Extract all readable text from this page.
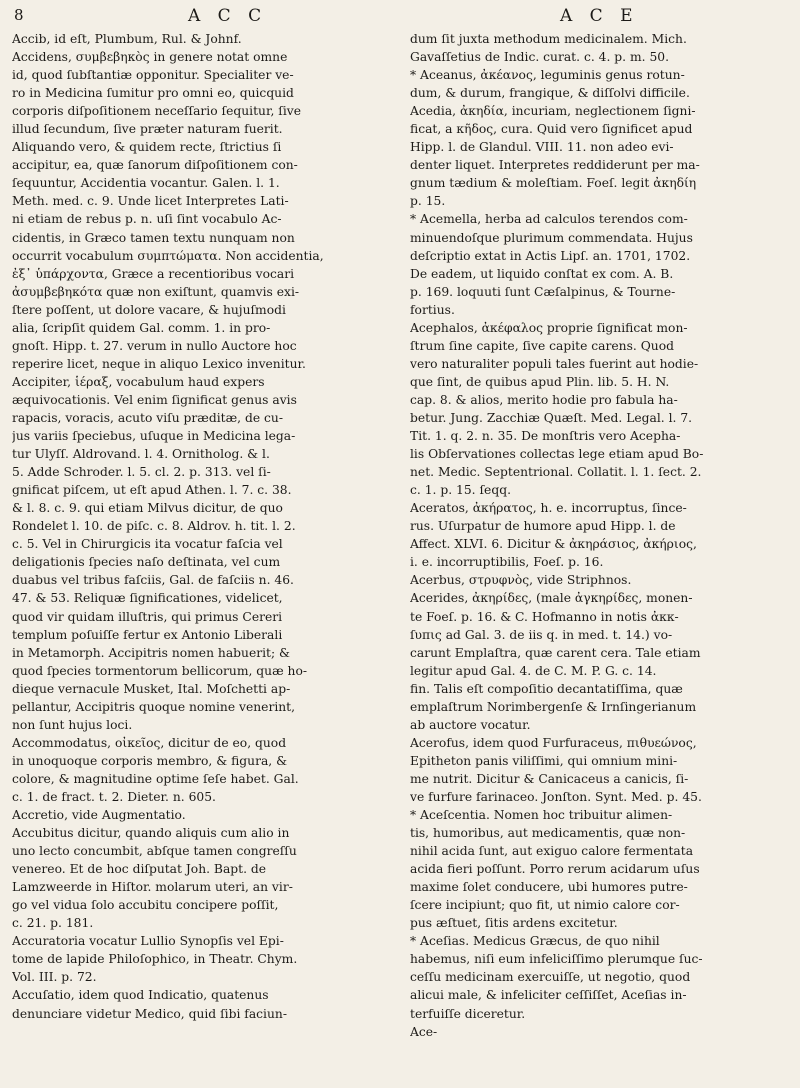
8	A C C	A C E
Accib, id eſt, Plumbum, Rul. & Johnf.
Accidens, συμβεβηκὸς in genere notat omne
id, quod ſubſtantiæ opponitur. Specialiter ve-
ro in Medicina ſumitur pro omni eo, quicquid
corporis diſpoſitionem neceſſario ſequitur, ſive
illud ſecundum, ſive præter naturam fuerit.
Aliquando vero, & quidem recte, ſtrictius ſi
accipitur, ea, quæ ſanorum diſpoſitionem con-
ſequuntur, Accidentia vocantur. Galen. l. 1.
Meth. med. c. 9. Unde licet Interpretes Lati-
ni etiam de rebus p. n. uſi ſint vocabulo Ac-
cidentis, in Græco tamen textu nunquam non
occurrit vocabulum συμπτώματα. Non accidentia,
ἐξ᾽ ὑπάρχοντα, Græce a recentioribus vocari
ἀσυμβεβηκότα quæ non exiſtunt, quamvis exi-
ſtere poſſent, ut dolore vacare, & hujuſmodi
alia, ſcripſit quidem Gal. comm. 1. in pro-
gnoſt. Hipp. t. 27. verum in nullo Auctore hoc
reperire licet, neque in aliquo Lexico invenitur.
Accipiter, ἱέραξ, vocabulum haud expers
æquivocationis. Vel enim ſignificat genus avis
rapacis, voracis, acuto viſu præditæ, de cu-
jus variis ſpeciebus, uſuque in Medicina lega-
tur Ulyſſ. Aldrovand. l. 4. Ornitholog. & l.
5. Adde Schroder. l. 5. cl. 2. p. 313. vel ſi-
gnificat piſcem, ut eſt apud Athen. l. 7. c. 38.
& l. 8. c. 9. qui etiam Milvus dicitur, de quo
Rondelet l. 10. de piſc. c. 8. Aldrov. h. tit. l. 2.
c. 5. Vel in Chirurgicis ita vocatur faſcia vel
deligationis ſpecies naſo deſtinata, vel cum
duabus vel tribus faſciis, Gal. de faſciis n. 46.
47. & 53. Reliquæ ſignificationes, videlicet,
quod vir quidam illuſtris, qui primus Cereri
templum poſuiſſe fertur ex Antonio Liberali
in Metamorph. Accipitris nomen habuerit; &
quod ſpecies tormentorum bellicorum, quæ ho-
dieque vernacule Musket, Ital. Moſchetti ap-
pellantur, Accipitris quoque nomine venerint,
non ſunt hujus loci.
Accommodatus, οἰκεῖος, dicitur de eo, quod
in unoquoque corporis membro, & figura, &
colore, & magnitudine optime ſeſe habet. Gal.
c. 1. de fract. t. 2. Dieter. n. 605.
Accretio, vide Augmentatio.
Accubitus dicitur, quando aliquis cum alio in
uno lecto concumbit, abſque tamen congreſſu
venereo. Et de hoc diſputat Joh. Bapt. de
Lamzweerde in Hiſtor. molarum uteri, an vir-
go vel vidua ſolo accubitu concipere poſſit,
c. 21. p. 181.
Accuratoria vocatur Lullio Synopſis vel Epi-
tome de lapide Philoſophico, in Theatr. Chym.
Vol. III. p. 72.
Accuſatio, idem quod Indicatio, quatenus
denunciare videtur Medico, quid ſibi faciun-
dum ſit juxta methodum medicinalem. Mich.
Gavaſſetius de Indic. curat. c. 4. p. m. 50.
* Aceanus, ἀκέανος, leguminis genus rotun-
dum, & durum, frangique, & diſſolvi difficile.
Acedia, ἀκηδία, incuriam, neglectionem ſigni-
ficat, a κῆδος, cura. Quid vero ſignificet apud
Hipp. l. de Glandul. VIII. 11. non adeo evi-
denter liquet. Interpretes reddiderunt per ma-
gnum tædium & moleſtiam. Foeſ. legit ἀκηδίη
p. 15.
* Acemella, herba ad calculos terendos com-
minuendoſque plurimum commendata. Hujus
deſcriptio extat in Actis Lipſ. an. 1701, 1702.
De eadem, ut liquido conſtat ex com. A. B.
p. 169. loquuti ſunt Cæſalpinus, & Tourne-
fortius.
Acephalos, ἀκέφαλος proprie ſignificat mon-
ſtrum ſine capite, ſive capite carens. Quod
vero naturaliter populi tales fuerint aut hodie-
que ſint, de quibus apud Plin. lib. 5. H. N.
cap. 8. & alios, merito hodie pro fabula ha-
betur. Jung. Zacchiæ Quæſt. Med. Legal. l. 7.
Tit. 1. q. 2. n. 35. De monſtris vero Acepha-
lis Obſervationes collectas lege etiam apud Bo-
net. Medic. Septentrional. Collatit. l. 1. ſect. 2.
c. 1. p. 15. ſeqq.
Aceratos, ἀκήρατος, h. e. incorruptus, ſince-
rus. Uſurpatur de humore apud Hipp. l. de
Affect. XLVI. 6. Dicitur & ἀκηράσιος, ἀκήριος,
i. e. incorruptibilis, Foeſ. p. 16.
Acerbus, στρυφνὸς, vide Striphnos.
Acerides, ἀκηρίδες, (male ἀγκηρίδες, monen-
te Foeſ. p. 16. & C. Hofmanno in notis ἀκκ-
ſυπις ad Gal. 3. de iis q. in med. t. 14.) vo-
carunt Emplaſtra, quæ carent cera. Tale etiam
legitur apud Gal. 4. de C. M. P. G. c. 14.
fin. Talis eſt compoſitio decantatiſſima, quæ
emplaſtrum Norimbergenſe & Irnſingerianum
ab auctore vocatur.
Acerofus, idem quod Furfuraceus, πιθυεώνος,
Epitheton panis viliſſimi, qui omnium mini-
me nutrit. Dicitur & Canicaceus a canicis, ſi-
ve furfure farinaceo. Jonſton. Synt. Med. p. 45.
* Aceſcentia. Nomen hoc tribuitur alimen-
tis, humoribus, aut medicamentis, quæ non-
nihil acida ſunt, aut exiguo calore fermentata
acida fieri poſſunt. Porro rerum acidarum uſus
maxime ſolet conducere, ubi humores putre-
ſcere incipiunt; quo fit, ut nimio calore cor-
pus æſtuet, ſitis ardens excitetur.
* Aceſias. Medicus Græcus, de quo nihil
habemus, niſi eum infeliciſſimo plerumque ſuc-
ceſſu medicinam exercuiſſe, ut negotio, quod
alicui male, & infeliciter ceſſiſſet, Aceſias in-
terfuiſſe diceretur.
Ace-
